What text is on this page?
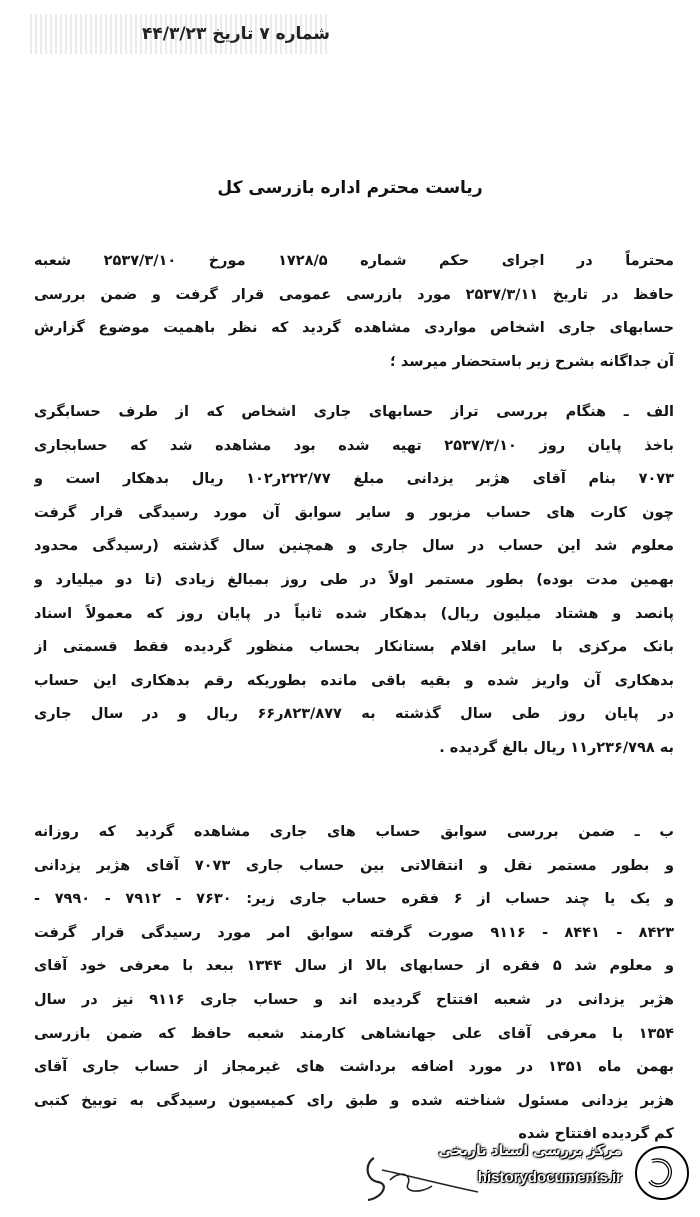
شماره ۷ تاریخ ۴۴/۳/۲۳
ریاست محترم اداره بازرسی کل
محترماً در اجرای حکم شماره ۱۷۲۸/۵ مورخ ۲۵۳۷/۳/۱۰ شعبه
حافظ در تاریخ ۲۵۳۷/۳/۱۱ مورد بازرسی عمومی قرار گرفت و ضمن بررسی
حسابهای جاری اشخاص مواردی مشاهده گردید که نظر باهمیت موضوع گزارش
آن جداگانه بشرح زیر باستحضار میرسد ؛
الف ـ هنگام بررسی تراز حسابهای جاری اشخاص که از طرف حسابگری
باخذ پایان روز ۲۵۳۷/۳/۱۰ تهیه شده بود مشاهده شد که حسابجاری
۷۰۷۳ بنام آقای هژبر یزدانی مبلغ ۲۲۲/۷۷ر۱۰۲ ریال بدهکار است و
چون کارت های حساب مزبور و سایر سوابق آن مورد رسیدگی قرار گرفت
معلوم شد این حساب در سال جاری و همچنین سال گذشته (رسیدگی محدود
بهمین مدت بوده) بطور مستمر اولاً در طی روز بمبالغ زیادی (تا دو میلیارد و
پانصد و هشتاد میلیون ریال) بدهکار شده ثانیاً در پایان روز که معمولاً اسناد
بانک مرکزی با سایر اقلام بستانکار بحساب منظور گردیده فقط قسمتی از
بدهکاری آن واریز شده و بقیه باقی مانده بطوریکه رقم بدهکاری این حساب
در پایان روز طی سال گذشته به ۸۲۳/۸۷۷ر۶۶ ریال و در سال جاری
به ۲۳۶/۷۹۸ر۱۱ ریال بالغ گردیده .
ب ـ ضمن بررسی سوابق حساب های جاری مشاهده گردید که روزانه
و بطور مستمر نقل و انتقالاتی بین حساب جاری ۷۰۷۳ آقای هژبر یزدانی
و یک یا چند حساب از ۶ فقره حساب جاری زیر: ۷۶۳۰ - ۷۹۱۲ - ۷۹۹۰ -
۸۴۲۳ - ۸۴۴۱ - ۹۱۱۶ صورت گرفته سوابق امر مورد رسیدگی قرار گرفت
و معلوم شد ۵ فقره از حسابهای بالا از سال ۱۳۴۴ ببعد با معرفی خود آقای
هژبر یزدانی در شعبه افتتاح گردیده اند و حساب جاری ۹۱۱۶ نیز در سال
۱۳۵۴ با معرفی آقای علی جهانشاهی کارمند شعبه حافظ که ضمن بازرسی
بهمن ماه ۱۳۵۱ در مورد اضافه برداشت های غیرمجاز از حساب جاری آقای
هژبر یزدانی مسئول شناخته شده و طبق رای کمیسیون رسیدگی به توبیخ کتبی
کم گردیده افتتاح شده
مرکز بررسی اسناد تاریخی
historydocuments.ir
